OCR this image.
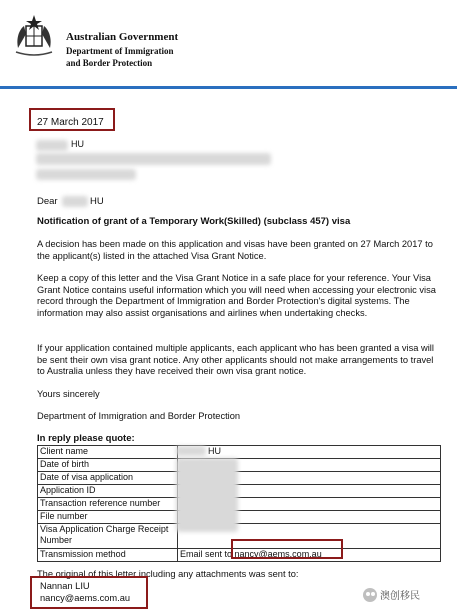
Australian Government
Department of Immigration
and Border Protection
27 March 2017
HU
Dear	HU
Notification of grant of a Temporary Work(Skilled) (subclass 457) visa
A decision has been made on this application and visas have been granted on 27 March 2017 to the applicant(s) listed in the attached Visa Grant Notice.
Keep a copy of this letter and the Visa Grant Notice in a safe place for your reference. Your Visa Grant Notice contains useful information which you will need when accessing your electronic visa record through the Department of Immigration and Border Protection's digital systems. The information may also assist organisations and airlines when undertaking checks.
If your application contained multiple applicants, each applicant who has been granted a visa will be sent their own visa grant notice. Any other applicants should not make arrangements to travel to Australia unless they have received their own visa grant notice.
Yours sincerely
Department of Immigration and Border Protection
In reply please quote:
Client name	HU
Date of birth	
Date of visa application	
Application ID	
Transaction reference number	
File number	
Visa Application Charge Receipt Number	
Transmission method	Email sent to nancy@aems.com.au
The original of this letter including any attachments was sent to:
Nannan LIU
nancy@aems.com.au	澳创移民
